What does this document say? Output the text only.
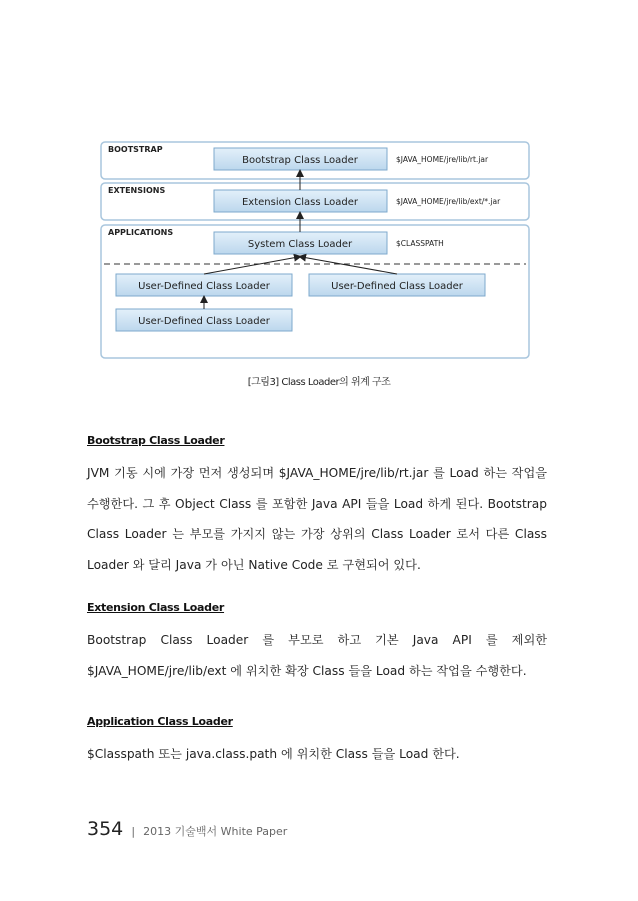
BOOTSTRAP
EXTENSIONS
APPLICATIONS
Bootstrap Class Loader
Extension Class Loader
System Class Loader
User-Defined Class Loader	User-Defined Class Loader
User-Defined Class Loader
$JAVA_HOME/jre/lib/rt.jar
$JAVA_HOME/jre/lib/ext/*.jar
$CLASSPATH
[그림3] Class Loader의 위계 구조

Bootstrap Class Loader

JVM 기동 시에 가장 먼저 생성되며 $JAVA_HOME/jre/lib/rt.jar 를 Load 하는 작업을 수행한다. 그 후 Object Class 를 포함한 Java API 들을 Load 하게 된다. Bootstrap Class Loader 는 부모를 가지지 않는 가장 상위의 Class Loader 로서 다른 Class Loader 와 달리 Java 가 아닌 Native Code 로 구현되어 있다.

Extension Class Loader

Bootstrap Class Loader 를 부모로 하고 기본 Java API 를 제외한 $JAVA_HOME/jre/lib/ext 에 위치한 확장 Class 들을 Load 하는 작업을 수행한다.

Application Class Loader

$Classpath 또는 java.class.path 에 위치한 Class 들을 Load 한다.

354 | 2013 기술백서 White Paper
